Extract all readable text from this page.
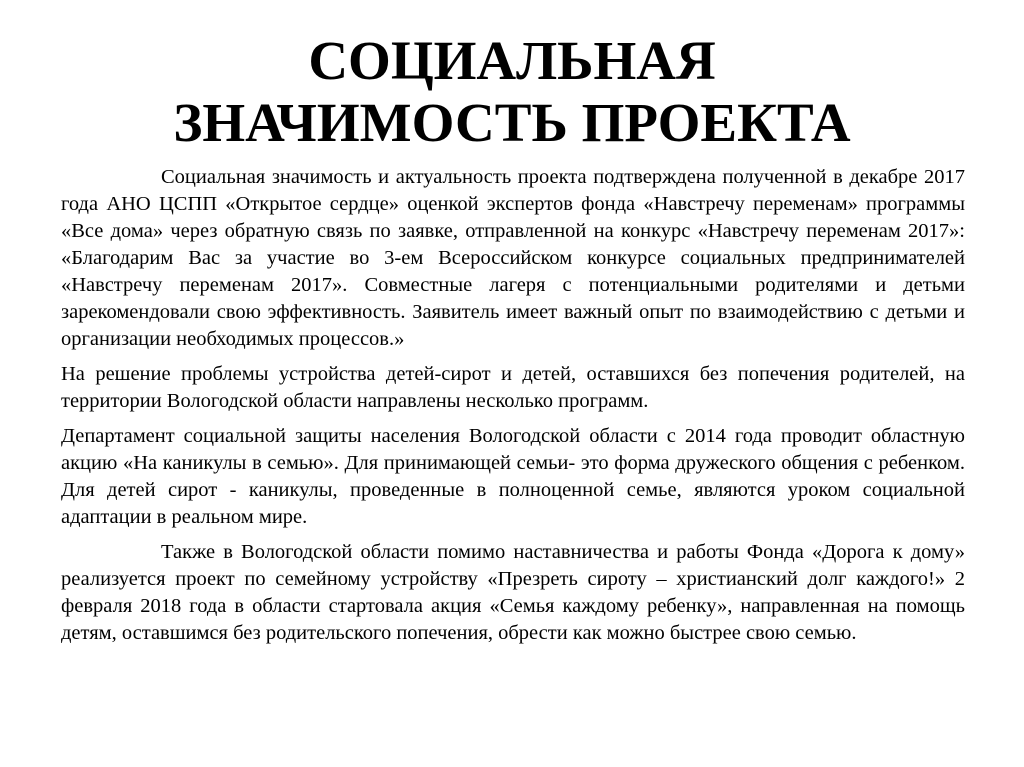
СОЦИАЛЬНАЯ
ЗНАЧИМОСТЬ ПРОЕКТА

Социальная значимость и актуальность проекта подтверждена полученной в декабре 2017 года АНО ЦСПП «Открытое сердце» оценкой экспертов фонда «Навстречу переменам» программы «Все дома» через обратную связь по заявке, отправленной на конкурс «Навстречу переменам 2017»: «Благодарим Вас за участие во 3-ем Всероссийском конкурсе социальных предпринимателей «Навстречу переменам 2017». Совместные лагеря с потенциальными родителями и детьми зарекомендовали свою эффективность. Заявитель имеет важный опыт по взаимодействию с детьми и организации необходимых процессов.»

На решение проблемы устройства детей-сирот и детей, оставшихся без попечения родителей, на территории Вологодской области направлены несколько программ.

Департамент социальной защиты населения Вологодской области с 2014 года проводит областную акцию «На каникулы в семью». Для принимающей семьи- это форма дружеского общения с ребенком. Для детей сирот - каникулы, проведенные в полноценной семье, являются уроком социальной адаптации в реальном мире.

Также в Вологодской области помимо наставничества и работы Фонда «Дорога к дому» реализуется проект по семейному устройству «Презреть сироту – христианский долг каждого!» 2 февраля 2018 года в области стартовала акция «Семья каждому ребенку», направленная на помощь детям, оставшимся без родительского попечения, обрести как можно быстрее свою семью.
